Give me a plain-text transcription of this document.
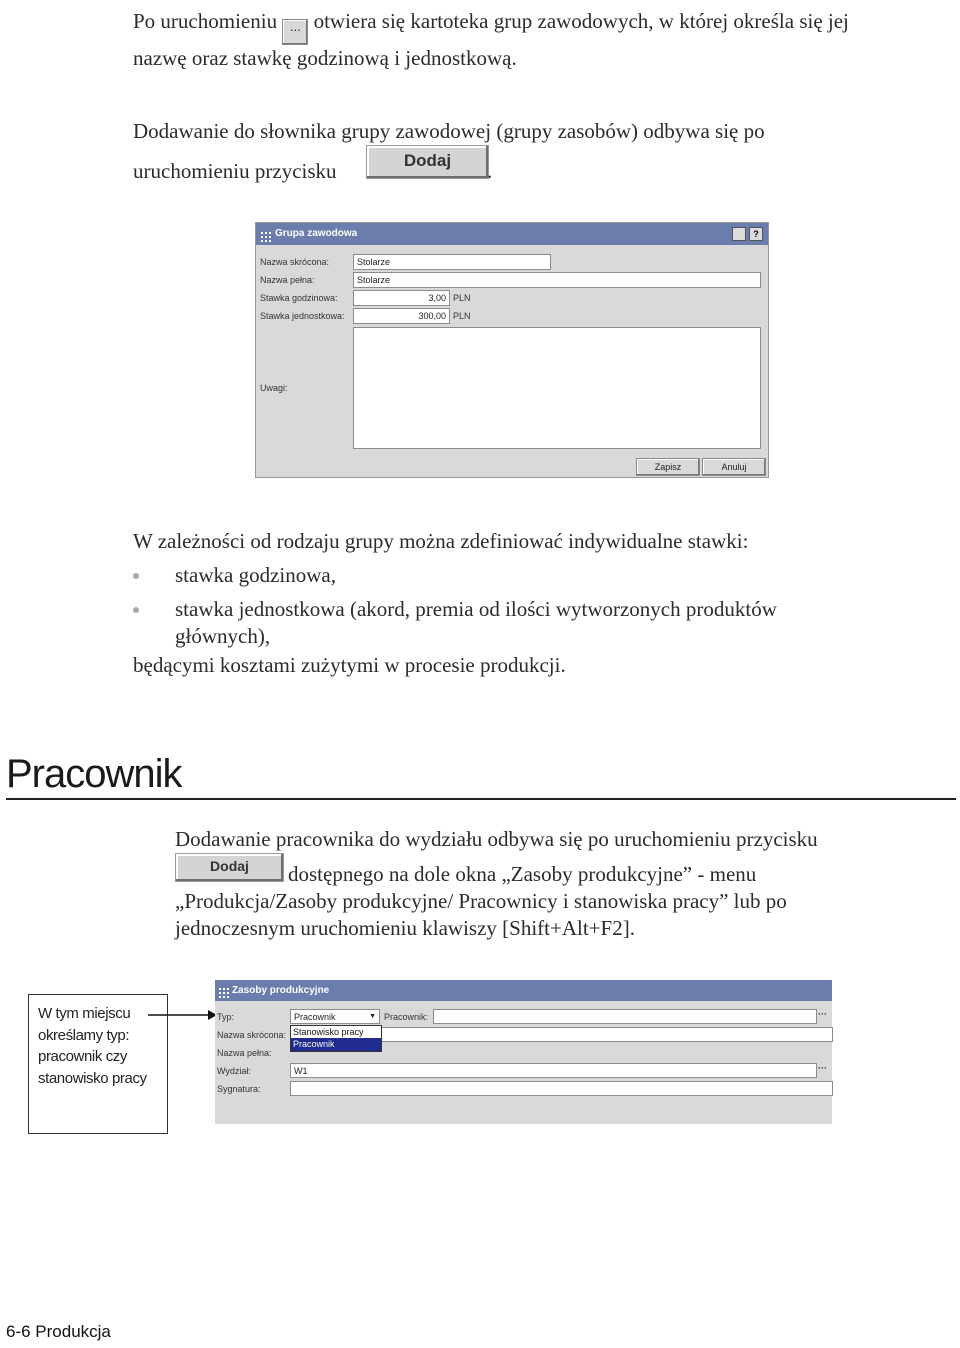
Po uruchomieniu ... otwiera się kartoteka grup zawodowych, w której określa się jej
nazwę oraz stawkę godzinową i jednostkową.
Dodawanie do słownika grupy zawodowej (grupy zasobów) odbywa się po
uruchomieniu przycisku	Dodaj	.
Grupa zawodowa	?
Nazwa skrócona:	Stolarze
Nazwa pełna:	Stolarze
Stawka godzinowa:	3,00 PLN
Stawka jednostkowa:	300,00 PLN
Uwagi:
Zapisz	Anuluj
W zależności od rodzaju grupy można zdefiniować indywidualne stawki:
stawka godzinowa,
stawka jednostkowa (akord, premia od ilości wytworzonych produktów
głównych),
będącymi kosztami zużytymi w procesie produkcji.
Pracownik
Dodawanie pracownika do wydziału odbywa się po uruchomieniu przycisku
Dodaj	dostępnego na dole okna „Zasoby produkcyjne” - menu
„Produkcja/Zasoby produkcyjne/ Pracownicy i stanowiska pracy” lub po
jednoczesnym uruchomieniu klawiszy [Shift+Alt+F2].
W tym miejscu
określamy typ:
pracownik czy
stanowisko pracy
Zasoby produkcyjne
Typ:	Pracownik	▼ Pracownik:	···
Stanowisko pracy
Pracownik
Nazwa skrócona:
Nazwa pełna:
Wydział:	W1	···
Sygnatura:
6-6 Produkcja
